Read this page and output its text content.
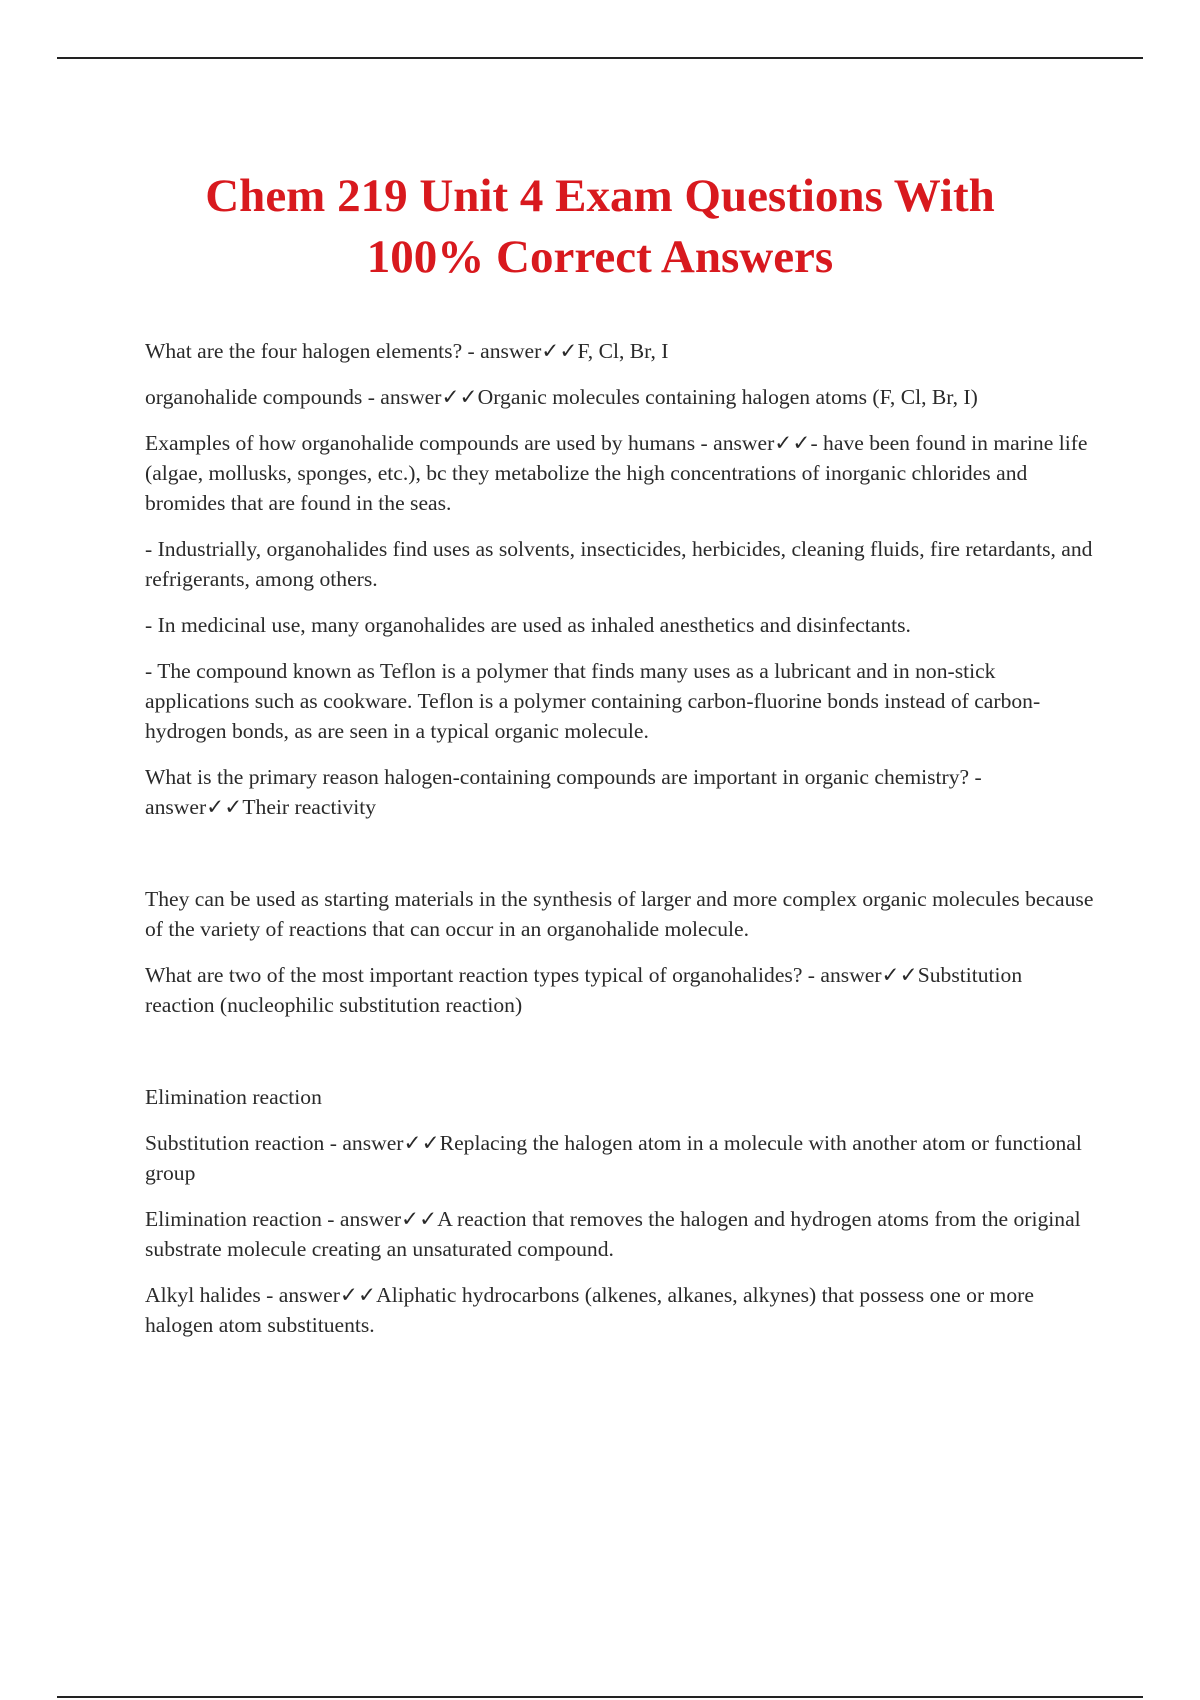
Chem 219 Unit 4 Exam Questions With
100% Correct Answers

What are the four halogen elements? - answer✓✓F, Cl, Br, I

organohalide compounds - answer✓✓Organic molecules containing halogen atoms (F, Cl, Br, I)

Examples of how organohalide compounds are used by humans - answer✓✓- have been found in marine life (algae, mollusks, sponges, etc.), bc they metabolize the high concentrations of inorganic chlorides and bromides that are found in the seas.

- Industrially, organohalides find uses as solvents, insecticides, herbicides, cleaning fluids, fire retardants, and refrigerants, among others.

- In medicinal use, many organohalides are used as inhaled anesthetics and disinfectants.

- The compound known as Teflon is a polymer that finds many uses as a lubricant and in non-stick applications such as cookware. Teflon is a polymer containing carbon-fluorine bonds instead of carbon-hydrogen bonds, as are seen in a typical organic molecule.

What is the primary reason halogen-containing compounds are important in organic chemistry? - answer✓✓Their reactivity

They can be used as starting materials in the synthesis of larger and more complex organic molecules because of the variety of reactions that can occur in an organohalide molecule.

What are two of the most important reaction types typical of organohalides? - answer✓✓Substitution reaction (nucleophilic substitution reaction)

Elimination reaction

Substitution reaction - answer✓✓Replacing the halogen atom in a molecule with another atom or functional group

Elimination reaction - answer✓✓A reaction that removes the halogen and hydrogen atoms from the original substrate molecule creating an unsaturated compound.

Alkyl halides - answer✓✓Aliphatic hydrocarbons (alkenes, alkanes, alkynes) that possess one or more halogen atom substituents.
